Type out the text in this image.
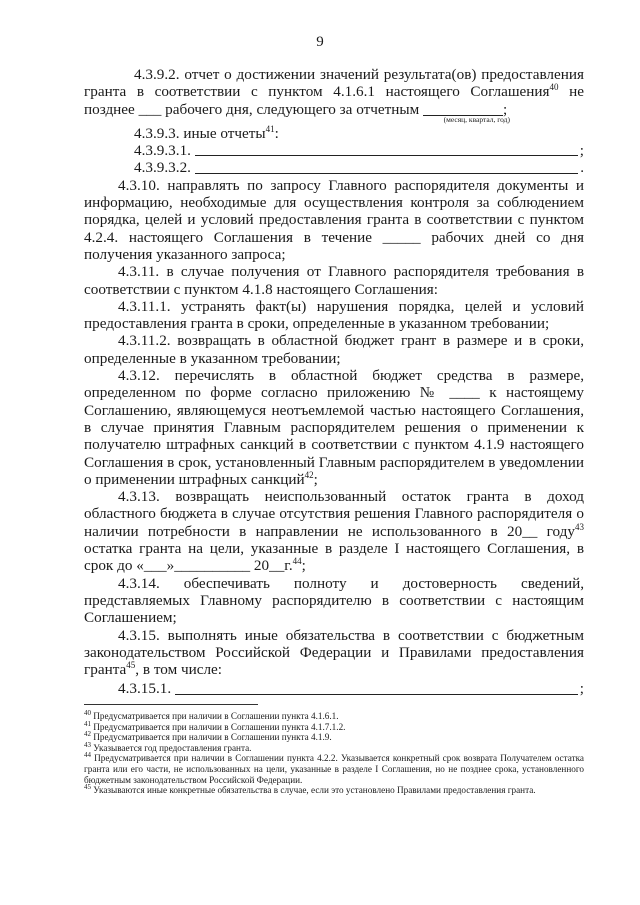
9

4.3.9.2. отчет о достижении значений результата(ов) предоставления гранта в соответствии с пунктом 4.1.6.1 настоящего Соглашения$^{40}$ не позднее ___ рабочего дня, следующего за отчетным	;

(месяц, квартал, год)

4.3.9.3. иные отчеты$^{41}$:

4.3.9.3.1.	;
4.3.9.3.2.	.

4.3.10. направлять по запросу Главного распорядителя документы и информацию, необходимые для осуществления контроля за соблюдением порядка, целей и условий предоставления гранта в соответствии с пунктом 4.2.4. настоящего Соглашения в течение _____ рабочих дней со дня получения указанного запроса;

4.3.11. в случае получения от Главного распорядителя требования в соответствии с пунктом 4.1.8 настоящего Соглашения:

4.3.11.1. устранять факт(ы) нарушения порядка, целей и условий предоставления гранта в сроки, определенные в указанном требовании;

4.3.11.2. возвращать в областной бюджет грант в размере и в сроки, определенные в указанном требовании;

4.3.12. перечислять в областной бюджет средства в размере, определенном по форме согласно приложению № ____ к настоящему Соглашению, являющемуся неотъемлемой частью настоящего Соглашения, в случае принятия Главным распорядителем решения о применении к получателю штрафных санкций в соответствии с пунктом 4.1.9 настоящего Соглашения в срок, установленный Главным распорядителем в уведомлении о применении штрафных санкций$^{42}$;

4.3.13. возвращать неиспользованный остаток гранта в доход областного бюджета в случае отсутствия решения Главного распорядителя о наличии потребности в направлении не использованного в 20__ году$^{43}$ остатка гранта на цели, указанные в разделе I настоящего Соглашения, в срок до «___»__________ 20__г.$^{44}$;

4.3.14. обеспечивать полноту и достоверность сведений, представляемых Главному распорядителю в соответствии с настоящим Соглашением;

4.3.15. выполнять иные обязательства в соответствии с бюджетным законодательством Российской Федерации и Правилами предоставления гранта$^{45}$, в том числе:

4.3.15.1.	;

$^{40}$ Предусматривается при наличии в Соглашении пункта 4.1.6.1.

$^{41}$ Предусматривается при наличии в Соглашении пункта 4.1.7.1.2.

$^{42}$ Предусматривается при наличии в Соглашении пункта 4.1.9.

$^{43}$ Указывается год предоставления гранта.

$^{44}$ Предусматривается при наличии в Соглашении пункта 4.2.2. Указывается конкретный срок возврата Получателем остатка гранта или его части, не использованных на цели, указанные в разделе I Соглашения, но не позднее срока, установленного бюджетным законодательством Российской Федерации.

$^{45}$ Указываются иные конкретные обязательства в случае, если это установлено Правилами предоставления гранта.
